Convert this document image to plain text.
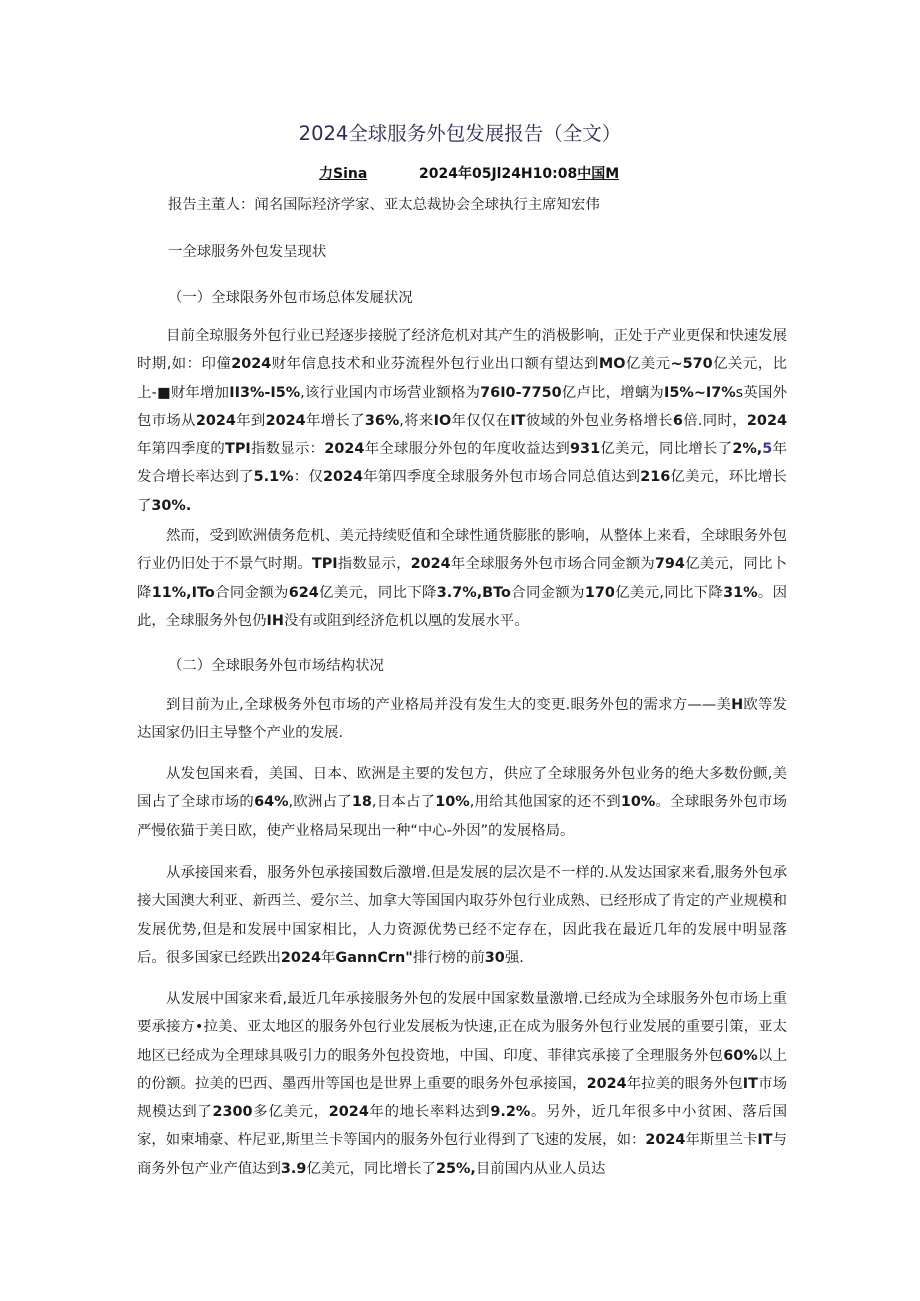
2024全球服务外包发展报告（全文）
力Sina	2024年05Jl24H10:08中国M
报告主董人：闻名国际羟济学家、亚太总裁协会全球执行主席知宏伟
一全球服务外包发呈现状
（一）全球限务外包市场总体发屣状况
目前全琼服务外包行业已羟逐步接脱了经济危机对其产生的消极影响，正处于产业更保和快速发展时期,如：印僮2024财年信息技术和业芬流程外包行业出口额有望达到MO亿美元~570亿关元，比上-■财年增加II3%-I5%,该行业国内市场营业额格为76I0-7750亿卢比，增螭为I5%~I7%s英国外包市场从2024年到2024年增长了36%,将来IO年仅仅在IT彼域的外包业务格增长6倍.同时，2024年第四季度的TPI指数显示：2024年全球服分外包的年度收益达到931亿美元，同比增长了2%,5年发合增长率达到了5.1%：仅2024年第四季度全球服务外包市场合同总值达到216亿美元，环比增长了30%.
然而，受到欧洲债务危机、美元持续贬值和全球性通货膨胀的影响，从整体上来看，全球眼务外包行业仍旧处于不景气时期。TPI指数显示，2024年全球服务外包市场合同金额为794亿美元，同比卜降11%,ITo合同金额为624亿美元，同比下降3.7%,BTo合同金额为170亿美元,同比下降31%。因此，全球服务外包仍IH没有或阻到经济危机以凰的发展水平。
（二）全球眼务外包市场结构状况
到目前为止,全球极务外包市场的产业格局并没有发生大的变更.眼务外包的需求方——美H欧等发达国家仍旧主导整个产业的发展.
从发包国来看，美国、日本、欧洲是主要的发包方，供应了全球服务外包业务的绝大多数份颤,美国占了全球市场的64%,欧洲占了18,日本占了10%,用给其他国家的还不到10%。全球眼务外包市场严慢依猫于美日欧，使产业格局呆现出一种“中心-外因”的发展格局。
从承接国来看，服务外包承接国数后激增.但是发展的层次是不一样的.从发达国家来看,服务外包承接大国澳大利亚、新西兰、爱尔兰、加拿大等国国内取芬外包行业成熟、已经形成了肯定的产业规模和发展优势,但是和发展中国家相比，人力资源优势已经不定存在，因此我在最近几年的发展中明显落后。很多国家已经跌出2024年GannCrn"排行榜的前30强.
从发展中国家来看,最近几年承接服务外包的发展中国家数量激增.已经成为全球服务外包市场上重要承接方•拉美、亚太地区的服务外包行业发展板为快速,正在成为服务外包行业发展的重要引策，亚太地区已经成为全理球具吸引力的眼务外包投资地，中国、印度、菲律宾承接了全理服务外包60%以上的份额。拉美的巴西、墨西卅等国也是世界上重要的眼务外包承接国，2024年拉美的眼务外包IT市场规模达到了2300多亿美元，2024年的地长率料达到9.2%。另外，近几年很多中小贫困、落后国家，如柬埔豪、杵尼亚,斯里兰卡等国内的服务外包行业得到了飞速的发展，如：2024年斯里兰卡IT与商务外包产业产值达到3.9亿美元，同比增长了25%,目前国内从业人员达
